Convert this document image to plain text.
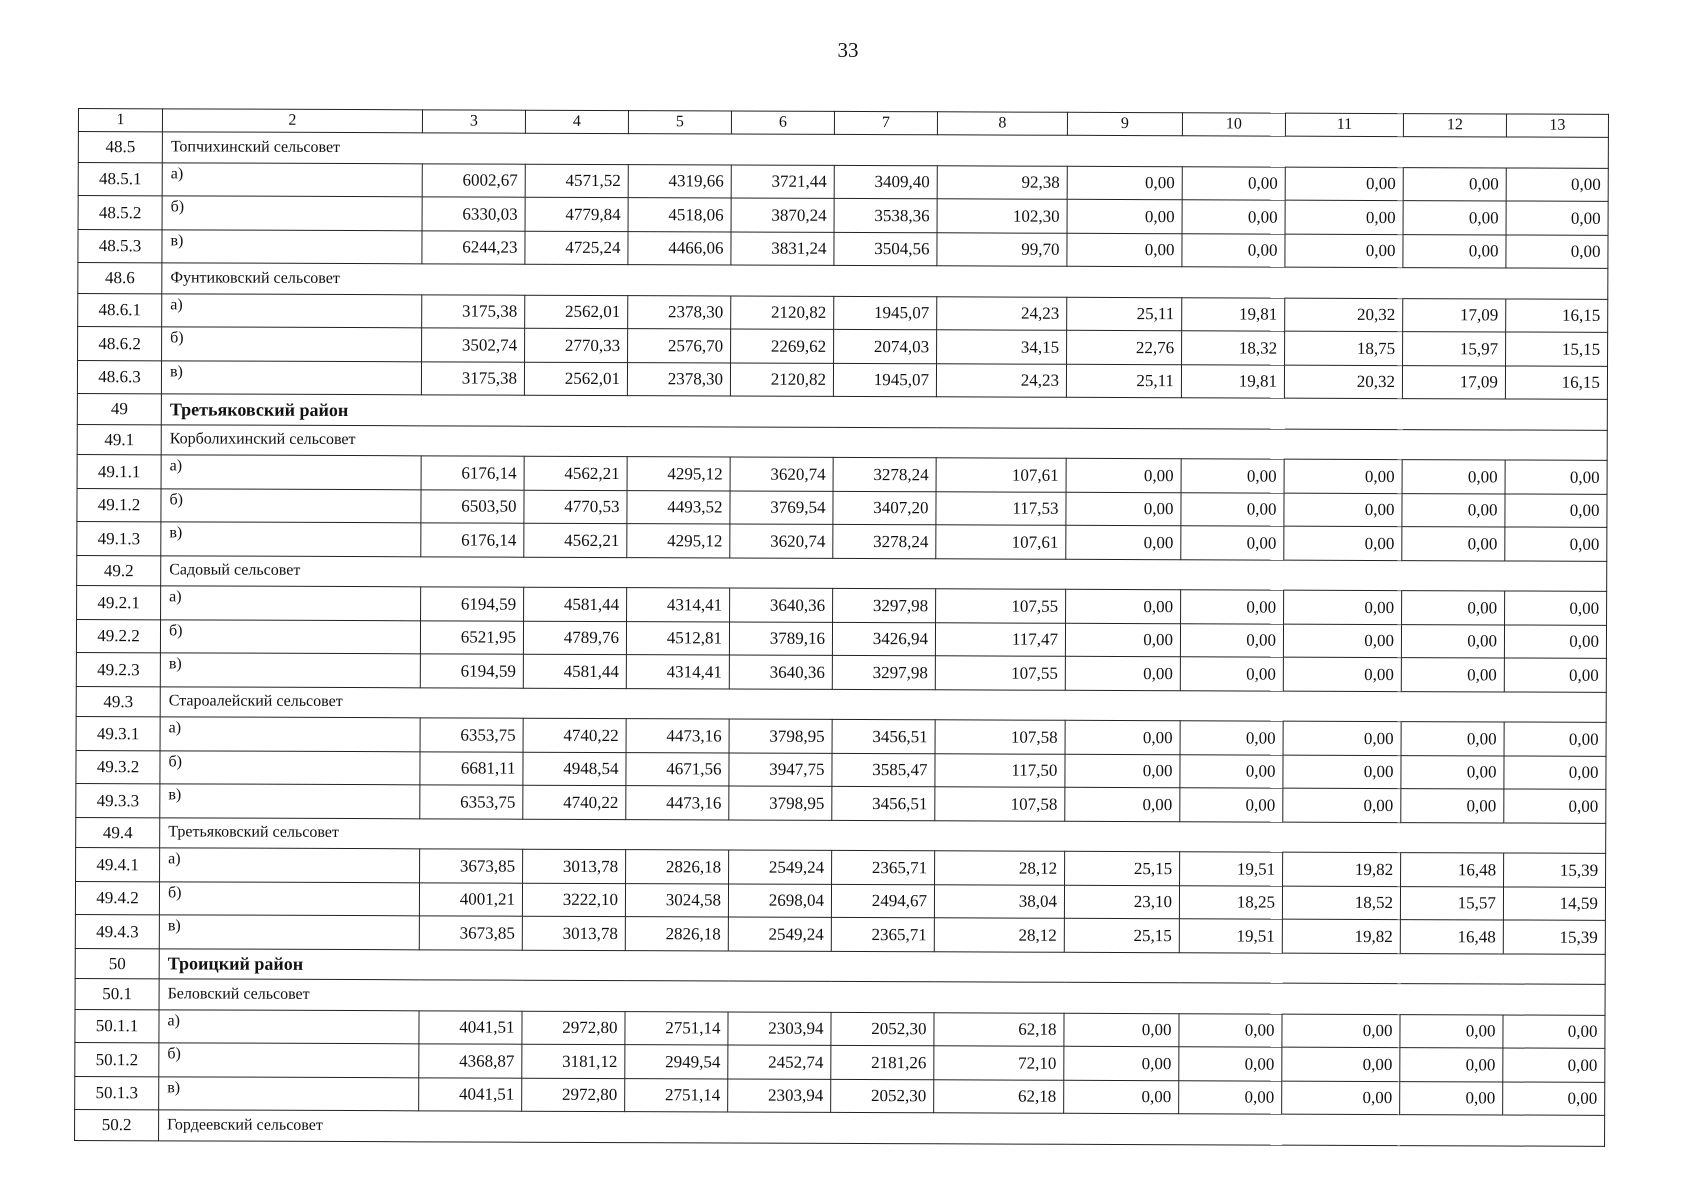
33
1	2	3	4	5	6	7	8	9	10	11	12	13
48.5	Топчихинский сельсовет											
48.5.1	а)	6002,67	4571,52	4319,66	3721,44	3409,40	92,38	0,00	0,00	0,00	0,00	0,00
48.5.2	б)	6330,03	4779,84	4518,06	3870,24	3538,36	102,30	0,00	0,00	0,00	0,00	0,00
48.5.3	в)	6244,23	4725,24	4466,06	3831,24	3504,56	99,70	0,00	0,00	0,00	0,00	0,00
48.6	Фунтиковский сельсовет											
48.6.1	а)	3175,38	2562,01	2378,30	2120,82	1945,07	24,23	25,11	19,81	20,32	17,09	16,15
48.6.2	б)	3502,74	2770,33	2576,70	2269,62	2074,03	34,15	22,76	18,32	18,75	15,97	15,15
48.6.3	в)	3175,38	2562,01	2378,30	2120,82	1945,07	24,23	25,11	19,81	20,32	17,09	16,15
49	Третьяковский район											
49.1	Корболихинский сельсовет											
49.1.1	а)	6176,14	4562,21	4295,12	3620,74	3278,24	107,61	0,00	0,00	0,00	0,00	0,00
49.1.2	б)	6503,50	4770,53	4493,52	3769,54	3407,20	117,53	0,00	0,00	0,00	0,00	0,00
49.1.3	в)	6176,14	4562,21	4295,12	3620,74	3278,24	107,61	0,00	0,00	0,00	0,00	0,00
49.2	Садовый сельсовет											
49.2.1	а)	6194,59	4581,44	4314,41	3640,36	3297,98	107,55	0,00	0,00	0,00	0,00	0,00
49.2.2	б)	6521,95	4789,76	4512,81	3789,16	3426,94	117,47	0,00	0,00	0,00	0,00	0,00
49.2.3	в)	6194,59	4581,44	4314,41	3640,36	3297,98	107,55	0,00	0,00	0,00	0,00	0,00
49.3	Староалейский сельсовет											
49.3.1	а)	6353,75	4740,22	4473,16	3798,95	3456,51	107,58	0,00	0,00	0,00	0,00	0,00
49.3.2	б)	6681,11	4948,54	4671,56	3947,75	3585,47	117,50	0,00	0,00	0,00	0,00	0,00
49.3.3	в)	6353,75	4740,22	4473,16	3798,95	3456,51	107,58	0,00	0,00	0,00	0,00	0,00
49.4	Третьяковский сельсовет											
49.4.1	а)	3673,85	3013,78	2826,18	2549,24	2365,71	28,12	25,15	19,51	19,82	16,48	15,39
49.4.2	б)	4001,21	3222,10	3024,58	2698,04	2494,67	38,04	23,10	18,25	18,52	15,57	14,59
49.4.3	в)	3673,85	3013,78	2826,18	2549,24	2365,71	28,12	25,15	19,51	19,82	16,48	15,39
50	Троицкий район											
50.1	Беловский сельсовет											
50.1.1	а)	4041,51	2972,80	2751,14	2303,94	2052,30	62,18	0,00	0,00	0,00	0,00	0,00
50.1.2	б)	4368,87	3181,12	2949,54	2452,74	2181,26	72,10	0,00	0,00	0,00	0,00	0,00
50.1.3	в)	4041,51	2972,80	2751,14	2303,94	2052,30	62,18	0,00	0,00	0,00	0,00	0,00
50.2	Гордеевский сельсовет											
